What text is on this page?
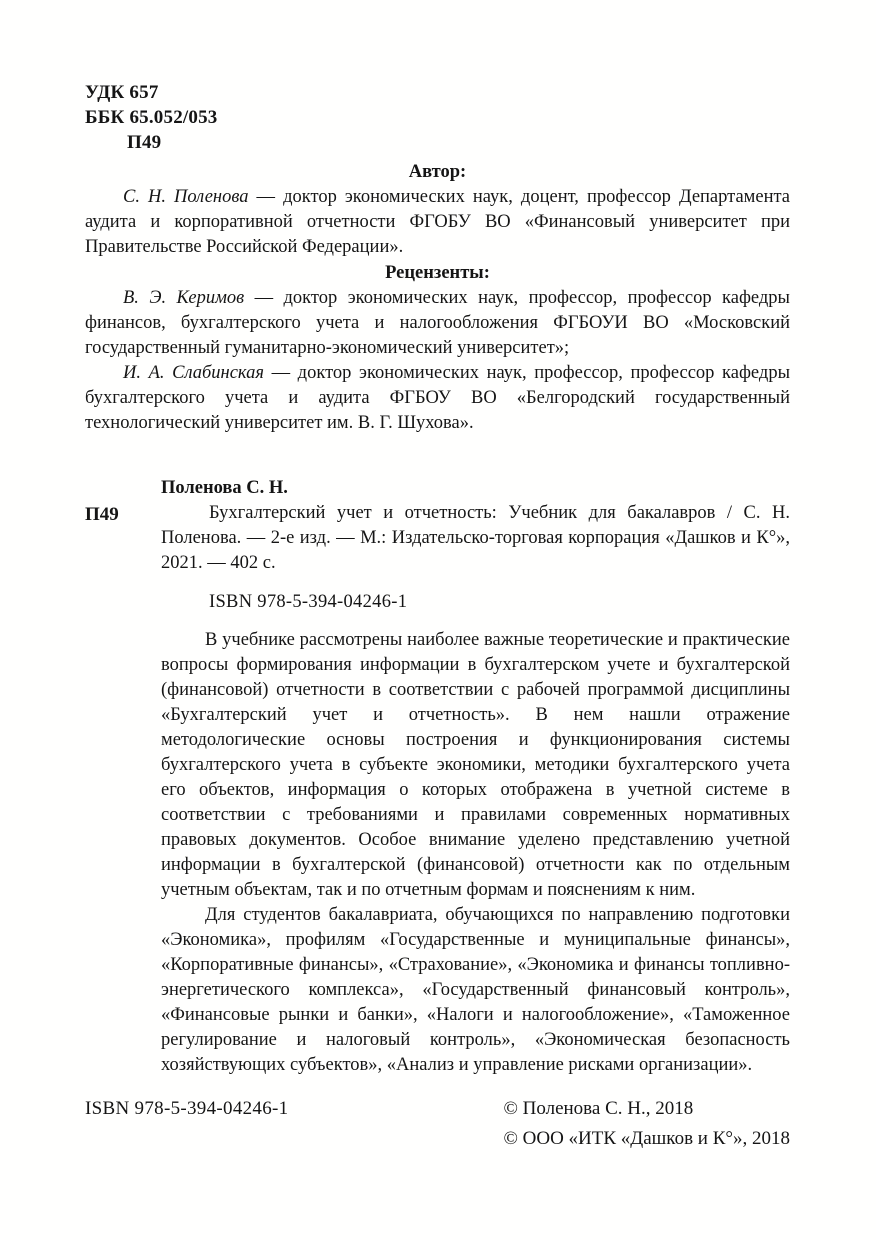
УДК 657
ББК 65.052/053
П49
Автор:

С. Н. Поленова — доктор экономических наук, доцент, профессор Департамента аудита и корпоративной отчетности ФГОБУ ВО «Финансовый университет при Правительстве Российской Федерации».

Рецензенты:

В. Э. Керимов — доктор экономических наук, профессор, профессор кафедры финансов, бухгалтерского учета и налогообложения ФГБОУИ ВО «Московский государственный гуманитарно-экономический университет»;

И. А. Слабинская — доктор экономических наук, профессор, профессор кафедры бухгалтерского учета и аудита ФГБОУ ВО «Белгородский государственный технологический университет им. В. Г. Шухова».

П49
Поленова С. Н.

Бухгалтерский учет и отчетность: Учебник для бакалавров / С. Н. Поленова. — 2-е изд. — М.: Издательско-торговая корпорация «Дашков и К°», 2021. — 402 с.

ISBN 978-5-394-04246-1

В учебнике рассмотрены наиболее важные теоретические и практические вопросы формирования информации в бухгалтерском учете и бухгалтерской (финансовой) отчетности в соответствии с рабочей программой дисциплины «Бухгалтерский учет и отчетность». В нем нашли отражение методологические основы построения и функционирования системы бухгалтерского учета в субъекте экономики, методики бухгалтерского учета его объектов, информация о которых отображена в учетной системе в соответствии с требованиями и правилами современных нормативных правовых документов. Особое внимание уделено представлению учетной информации в бухгалтерской (финансовой) отчетности как по отдельным учетным объектам, так и по отчетным формам и пояснениям к ним.

Для студентов бакалавриата, обучающихся по направлению подготовки «Экономика», профилям «Государственные и муниципальные финансы», «Корпоративные финансы», «Страхование», «Экономика и финансы топливно-энергетического комплекса», «Государственный финансовый контроль», «Финансовые рынки и банки», «Налоги и налогообложение», «Таможенное регулирование и налоговый контроль», «Экономическая безопасность хозяйствующих субъектов», «Анализ и управление рисками организации».

ISBN 978-5-394-04246-1	© Поленова С. Н., 2018
© ООО «ИТК «Дашков и К°», 2018
